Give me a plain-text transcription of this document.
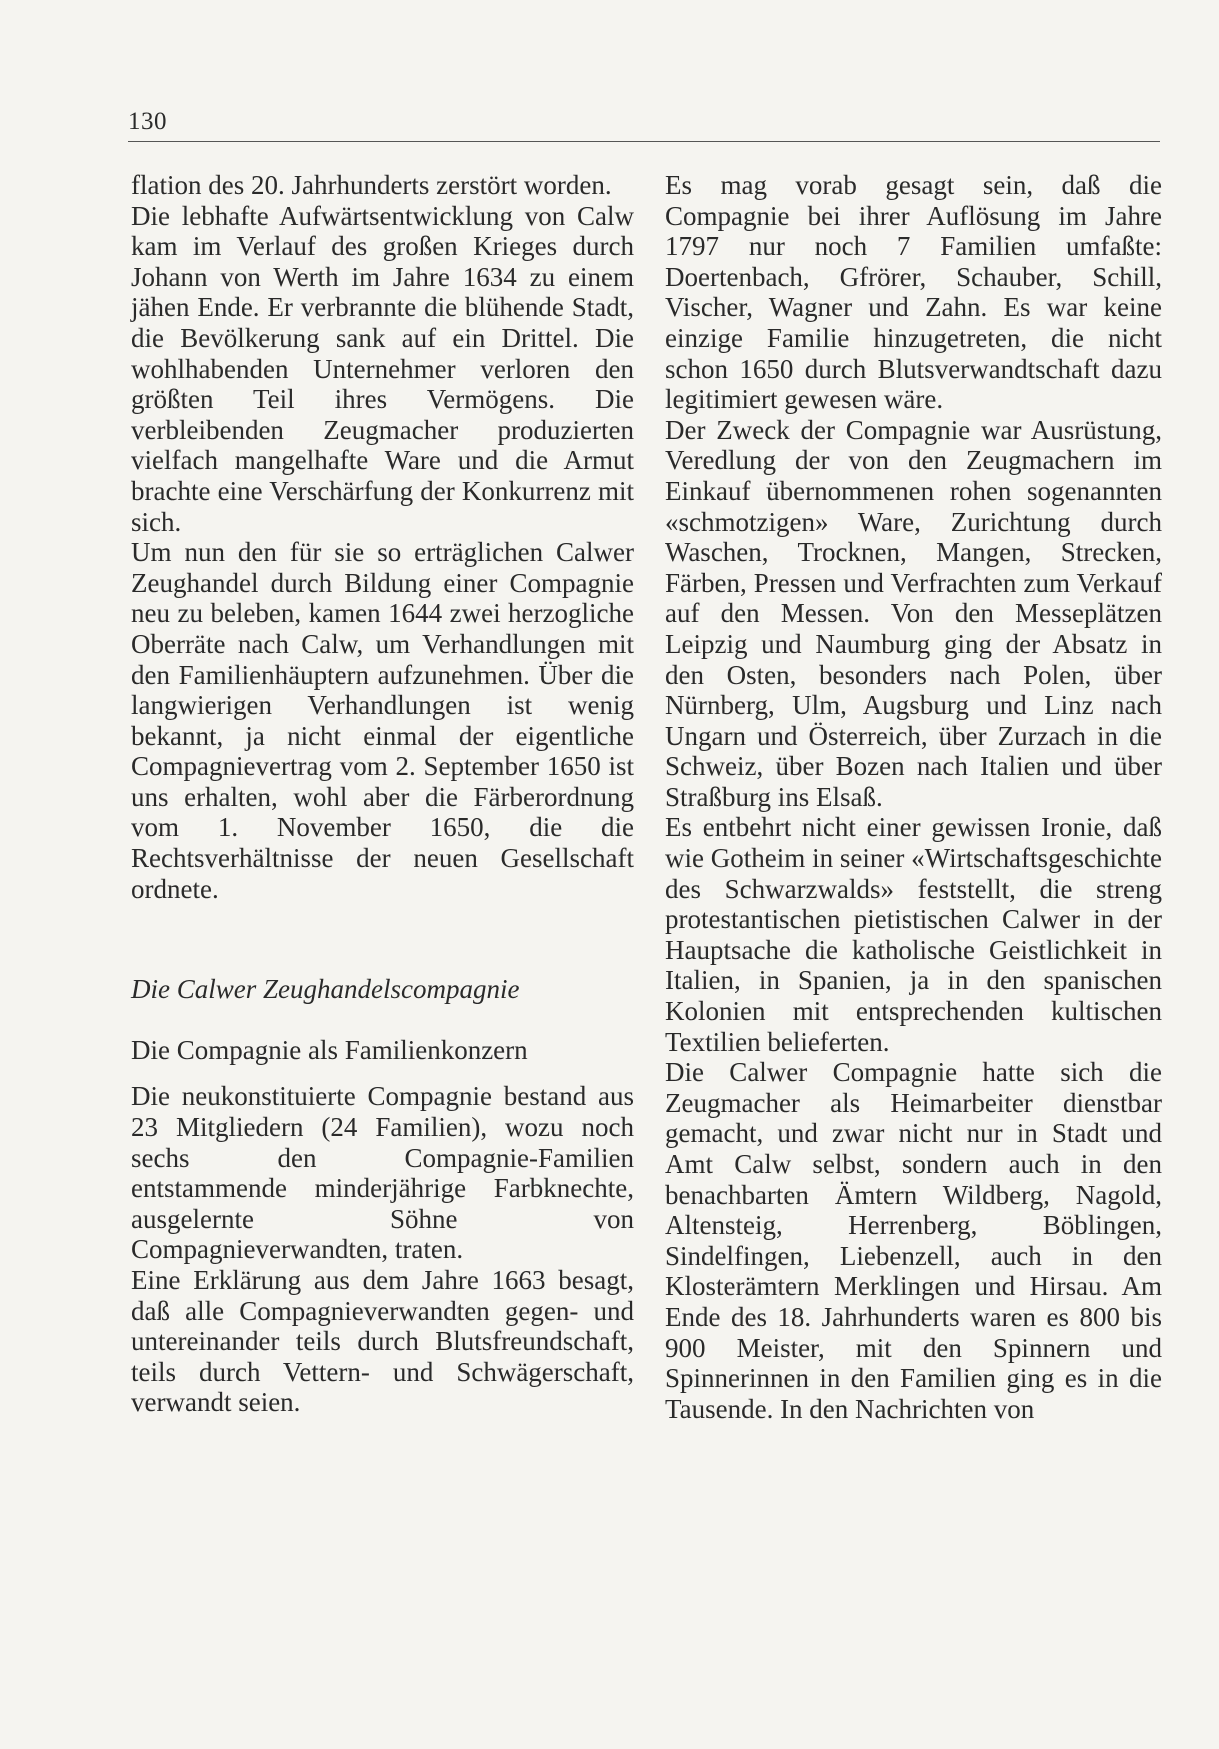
130

flation des 20. Jahrhunderts zerstört worden.

Die lebhafte Aufwärtsentwicklung von Calw kam im Verlauf des großen Krieges durch Johann von Werth im Jahre 1634 zu einem jähen Ende. Er verbrannte die blühende Stadt, die Bevölkerung sank auf ein Drittel. Die wohlhabenden Unternehmer verloren den größten Teil ihres Vermögens. Die verbleibenden Zeugmacher produzierten vielfach mangelhafte Ware und die Armut brachte eine Verschärfung der Konkurrenz mit sich.

Um nun den für sie so erträglichen Calwer Zeughandel durch Bildung einer Compagnie neu zu beleben, kamen 1644 zwei herzogliche Oberräte nach Calw, um Verhandlungen mit den Familienhäuptern aufzunehmen. Über die langwierigen Verhandlungen ist wenig bekannt, ja nicht einmal der eigentliche Compagnievertrag vom 2. September 1650 ist uns erhalten, wohl aber die Färberordnung vom 1. November 1650, die die Rechtsverhältnisse der neuen Gesellschaft ordnete.

Die Calwer Zeughandelscompagnie

Die Compagnie als Familienkonzern

Die neukonstituierte Compagnie bestand aus 23 Mitgliedern (24 Familien), wozu noch sechs den Compagnie-Familien entstammende minderjährige Farbknechte, ausgelernte Söhne von Compagnieverwandten, traten.

Eine Erklärung aus dem Jahre 1663 besagt, daß alle Compagnieverwandten gegen- und untereinander teils durch Blutsfreundschaft, teils durch Vettern- und Schwägerschaft, verwandt seien.

Es mag vorab gesagt sein, daß die Compagnie bei ihrer Auflösung im Jahre 1797 nur noch 7 Familien umfaßte: Doertenbach, Gfrörer, Schauber, Schill, Vischer, Wagner und Zahn. Es war keine einzige Familie hinzugetreten, die nicht schon 1650 durch Blutsverwandtschaft dazu legitimiert gewesen wäre.

Der Zweck der Compagnie war Ausrüstung, Veredlung der von den Zeugmachern im Einkauf übernommenen rohen sogenannten «schmotzigen» Ware, Zurichtung durch Waschen, Trocknen, Mangen, Strecken, Färben, Pressen und Verfrachten zum Verkauf auf den Messen. Von den Messeplätzen Leipzig und Naumburg ging der Absatz in den Osten, besonders nach Polen, über Nürnberg, Ulm, Augsburg und Linz nach Ungarn und Österreich, über Zurzach in die Schweiz, über Bozen nach Italien und über Straßburg ins Elsaß.

Es entbehrt nicht einer gewissen Ironie, daß wie Gotheim in seiner «Wirtschaftsgeschichte des Schwarzwalds» feststellt, die streng protestantischen pietistischen Calwer in der Hauptsache die katholische Geistlichkeit in Italien, in Spanien, ja in den spanischen Kolonien mit entsprechenden kultischen Textilien belieferten.

Die Calwer Compagnie hatte sich die Zeugmacher als Heimarbeiter dienstbar gemacht, und zwar nicht nur in Stadt und Amt Calw selbst, sondern auch in den benachbarten Ämtern Wildberg, Nagold, Altensteig, Herrenberg, Böblingen, Sindelfingen, Liebenzell, auch in den Klosterämtern Merklingen und Hirsau. Am Ende des 18. Jahrhunderts waren es 800 bis 900 Meister, mit den Spinnern und Spinnerinnen in den Familien ging es in die Tausende. In den Nachrichten von
